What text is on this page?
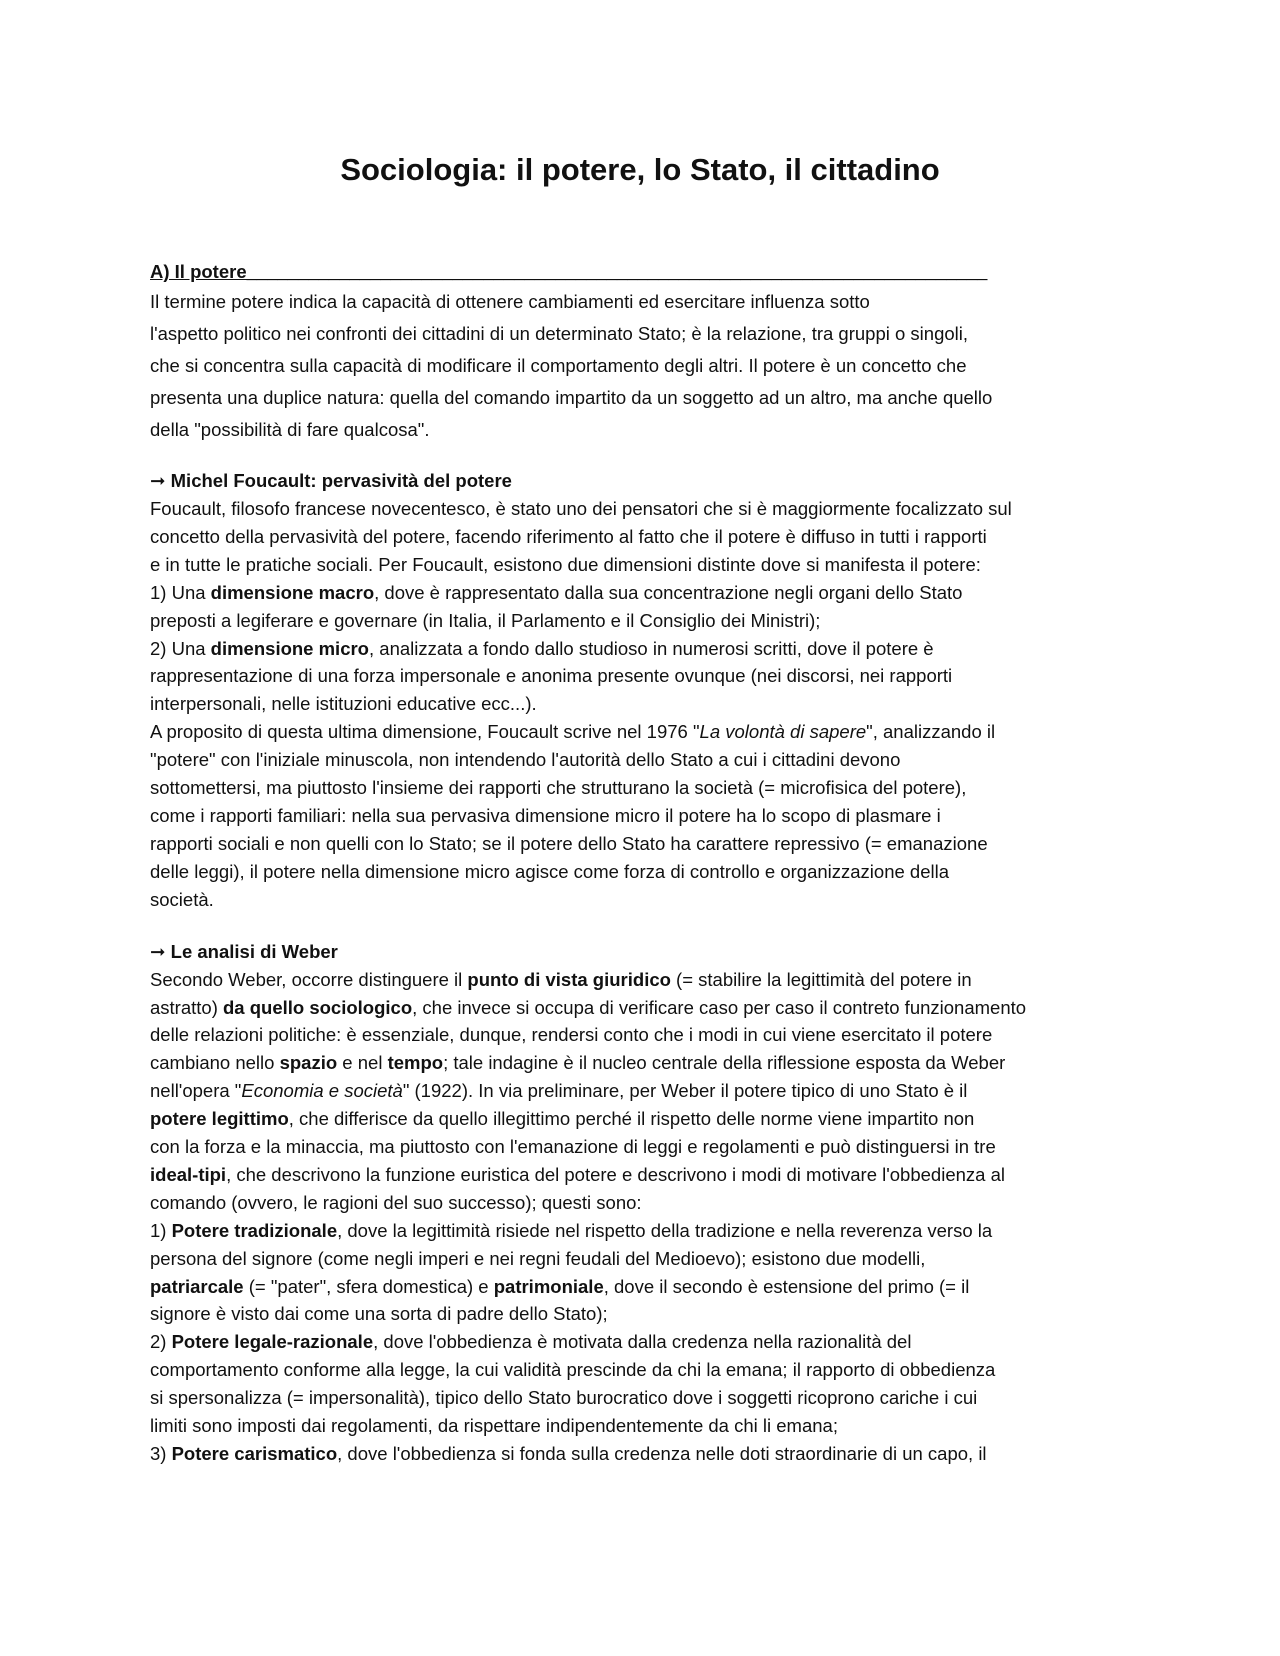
Sociologia: il potere, lo Stato, il cittadino

A) Il potere________________________________________________________________________

Il termine potere indica la capacità di ottenere cambiamenti ed esercitare influenza sotto
l'aspetto politico nei confronti dei cittadini di un determinato Stato; è la relazione, tra gruppi o singoli,
che si concentra sulla capacità di modificare il comportamento degli altri. Il potere è un concetto che
presenta una duplice natura: quella del comando impartito da un soggetto ad un altro, ma anche quello
della "possibilità di fare qualcosa".

➞ Michel Foucault: pervasività del potere

Foucault, filosofo francese novecentesco, è stato uno dei pensatori che si è maggiormente focalizzato sul
concetto della pervasività del potere, facendo riferimento al fatto che il potere è diffuso in tutti i rapporti
e in tutte le pratiche sociali. Per Foucault, esistono due dimensioni distinte dove si manifesta il potere:
1) Una dimensione macro, dove è rappresentato dalla sua concentrazione negli organi dello Stato
preposti a legiferare e governare (in Italia, il Parlamento e il Consiglio dei Ministri);
2) Una dimensione micro, analizzata a fondo dallo studioso in numerosi scritti, dove il potere è
rappresentazione di una forza impersonale e anonima presente ovunque (nei discorsi, nei rapporti
interpersonali, nelle istituzioni educative ecc...).
A proposito di questa ultima dimensione, Foucault scrive nel 1976 "La volontà di sapere", analizzando il
"potere" con l'iniziale minuscola, non intendendo l'autorità dello Stato a cui i cittadini devono
sottomettersi, ma piuttosto l'insieme dei rapporti che strutturano la società (= microfisica del potere),
come i rapporti familiari: nella sua pervasiva dimensione micro il potere ha lo scopo di plasmare i
rapporti sociali e non quelli con lo Stato; se il potere dello Stato ha carattere repressivo (= emanazione
delle leggi), il potere nella dimensione micro agisce come forza di controllo e organizzazione della
società.

➞ Le analisi di Weber

Secondo Weber, occorre distinguere il punto di vista giuridico (= stabilire la legittimità del potere in
astratto) da quello sociologico, che invece si occupa di verificare caso per caso il contreto funzionamento
delle relazioni politiche: è essenziale, dunque, rendersi conto che i modi in cui viene esercitato il potere
cambiano nello spazio e nel tempo; tale indagine è il nucleo centrale della riflessione esposta da Weber
nell'opera "Economia e società" (1922). In via preliminare, per Weber il potere tipico di uno Stato è il
potere legittimo, che differisce da quello illegittimo perché il rispetto delle norme viene impartito non
con la forza e la minaccia, ma piuttosto con l'emanazione di leggi e regolamenti e può distinguersi in tre
ideal-tipi, che descrivono la funzione euristica del potere e descrivono i modi di motivare l'obbedienza al
comando (ovvero, le ragioni del suo successo); questi sono:
1) Potere tradizionale, dove la legittimità risiede nel rispetto della tradizione e nella reverenza verso la
persona del signore (come negli imperi e nei regni feudali del Medioevo); esistono due modelli,
patriarcale (= "pater", sfera domestica) e patrimoniale, dove il secondo è estensione del primo (= il
signore è visto dai come una sorta di padre dello Stato);
2) Potere legale-razionale, dove l'obbedienza è motivata dalla credenza nella razionalità del
comportamento conforme alla legge, la cui validità prescinde da chi la emana; il rapporto di obbedienza
si spersonalizza (= impersonalità), tipico dello Stato burocratico dove i soggetti ricoprono cariche i cui
limiti sono imposti dai regolamenti, da rispettare indipendentemente da chi li emana;
3) Potere carismatico, dove l'obbedienza si fonda sulla credenza nelle doti straordinarie di un capo, il
